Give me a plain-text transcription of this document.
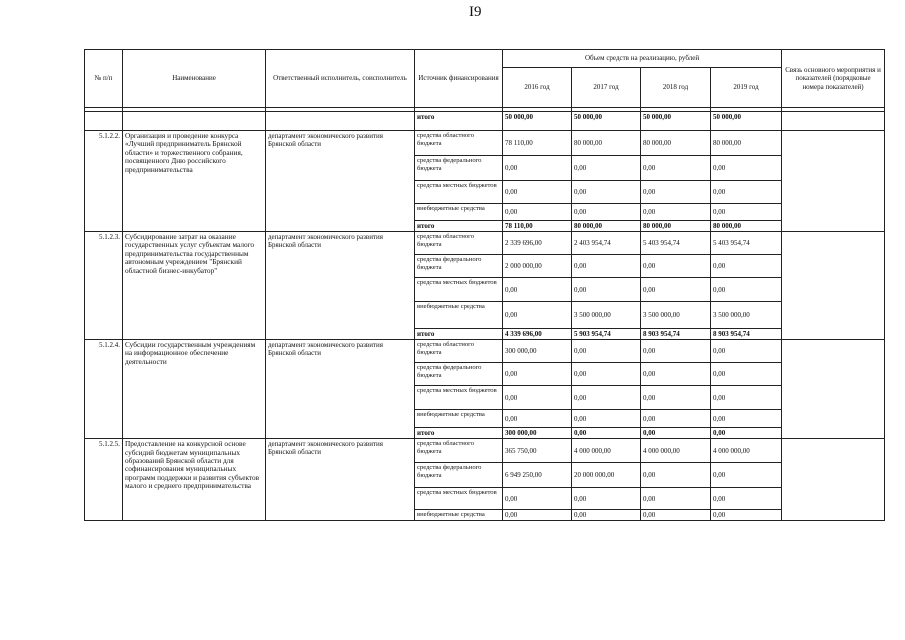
I9
№ п/п	Наименование	Ответственный исполнитель, соисполнитель	Источник финансирования	Объем средств на реализацию, рублей				Связь основного мероприятия и показателей (порядковые номера показателей)
				2016 год	2017 год	2018 год	2019 год	

			итого	50 000,00	50 000,00	50 000,00	50 000,00	
5.1.2.2.	Организация и проведение конкурса «Лучший предприниматель Брянской области» и торжественного собрания, посвященного Дню российского предпринимательства	департамент экономического развития Брянской области	средства областного бюджета	78 110,00	80 000,00	80 000,00	80 000,00	
			средства федерального бюджета	0,00	0,00	0,00	0,00	
			средства местных бюджетов	0,00	0,00	0,00	0,00	
			внебюджетные средства	0,00	0,00	0,00	0,00	
			итого	78 110,00	80 000,00	80 000,00	80 000,00	
5.1.2.3.	Субсидирование затрат на оказание государственных услуг субъектам малого предпринимательства государственным автономным учреждением "Брянский областной бизнес-инкубатор"	департамент экономического развития Брянской области	средства областного бюджета	2 339 696,00	2 403 954,74	5 403 954,74	5 403 954,74	
			средства федерального бюджета	2 000 000,00	0,00	0,00	0,00	
			средства местных бюджетов	0,00	0,00	0,00	0,00	
			внебюджетные средства	0,00	3 500 000,00	3 500 000,00	3 500 000,00	
			итого	4 339 696,00	5 903 954,74	8 903 954,74	8 903 954,74	
5.1.2.4.	Субсидии государственным учреждениям на информационное обеспечение деятельности	департамент экономического развития Брянской области	средства областного бюджета	300 000,00	0,00	0,00	0,00	
			средства федерального бюджета	0,00	0,00	0,00	0,00	
			средства местных бюджетов	0,00	0,00	0,00	0,00	
			внебюджетные средства	0,00	0,00	0,00	0,00	
			итого	300 000,00	0,00	0,00	0,00	
5.1.2.5.	Предоставление на конкурсной основе субсидий бюджетам муниципальных образований Брянской области для софинансирования муниципальных программ поддержки и развития субъектов малого и среднего предпринимательства	департамент экономического развития Брянской области	средства областного бюджета	365 750,00	4 000 000,00	4 000 000,00	4 000 000,00	
			средства федерального бюджета	6 949 250,00	20 000 000,00	0,00	0,00	
			средства местных бюджетов	0,00	0,00	0,00	0,00	
			внебюджетные средства	0,00	0,00	0,00	0,00	
